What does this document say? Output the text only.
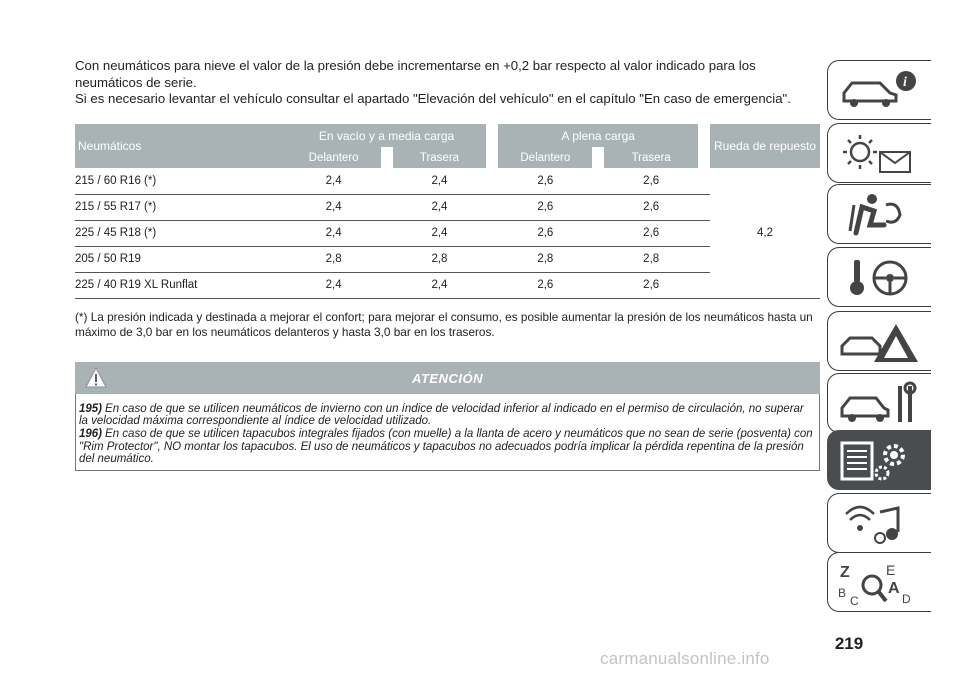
Con neumáticos para nieve el valor de la presión debe incrementarse en +0,2 bar respecto al valor indicado para los neumáticos de serie.

Si es necesario levantar el vehículo consultar el apartado "Elevación del vehículo" en el capítulo "En caso de emergencia".

Neumáticos	En vacío y a media carga				A plena carga				Rueda de repuesto
	Delantero		Trasera		Delantero		Trasera		
215 / 60 R16 (*)	2,4		2,4		2,6		2,6		4,2
215 / 55 R17 (*)	2,4		2,4		2,6		2,6		
225 / 45 R18 (*)	2,4		2,4		2,6		2,6		
205 / 50 R19	2,8		2,8		2,8		2,8		
225 / 40 R19 XL Runflat	2,4		2,4		2,6		2,6		

(*) La presión indicada y destinada a mejorar el confort; para mejorar el consumo, es posible aumentar la presión de los neumáticos hasta un máximo de 3,0 bar en los neumáticos delanteros y hasta 3,0 bar en los traseros.

ATENCIÓN

195) En caso de que se utilicen neumáticos de invierno con un índice de velocidad inferior al indicado en el permiso de circulación, no superar la velocidad máxima correspondiente al índice de velocidad utilizado.

196) En caso de que se utilicen tapacubos integrales fijados (con muelle) a la llanta de acero y neumáticos que no sean de serie (posventa) con "Rim Protector", NO montar los tapacubos. El uso de neumáticos y tapacubos no adecuados podría implicar la pérdida repentina de la presión del neumático.

i
Z	E
B
C
A
D
219
carmanualsonline.info
